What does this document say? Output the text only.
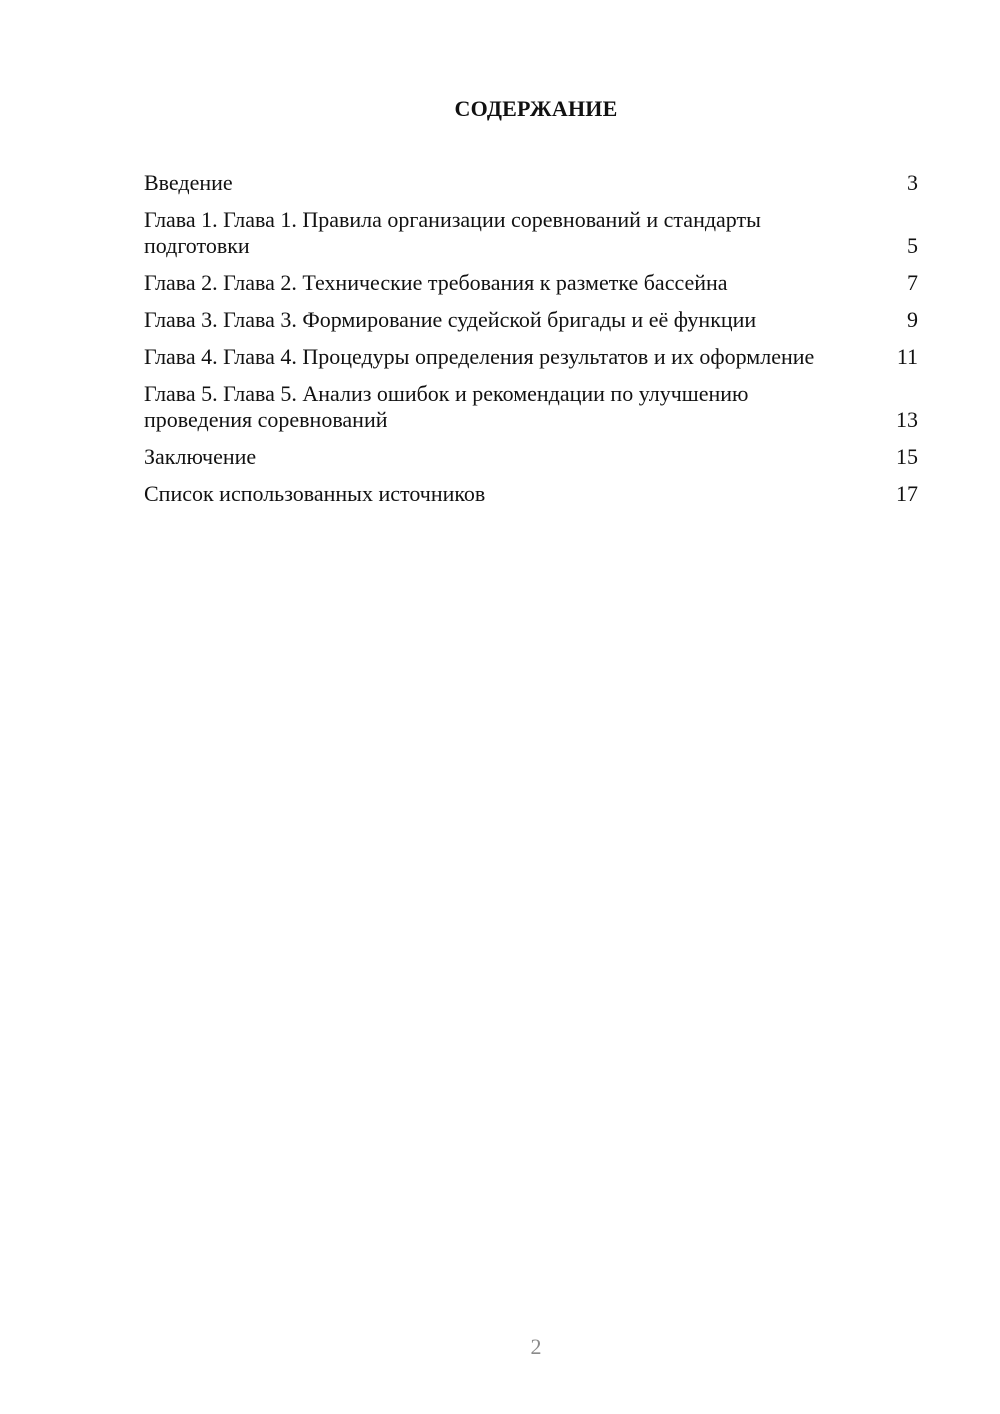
СОДЕРЖАНИЕ
Введение	3
Глава 1. Глава 1. Правила организации соревнований и стандарты подготовки	5
Глава 2. Глава 2. Технические требования к разметке бассейна	7
Глава 3. Глава 3. Формирование судейской бригады и её функции	9
Глава 4. Глава 4. Процедуры определения результатов и их оформление	11
Глава 5. Глава 5. Анализ ошибок и рекомендации по улучшению проведения соревнований	13
Заключение	15
Список использованных источников	17
2
